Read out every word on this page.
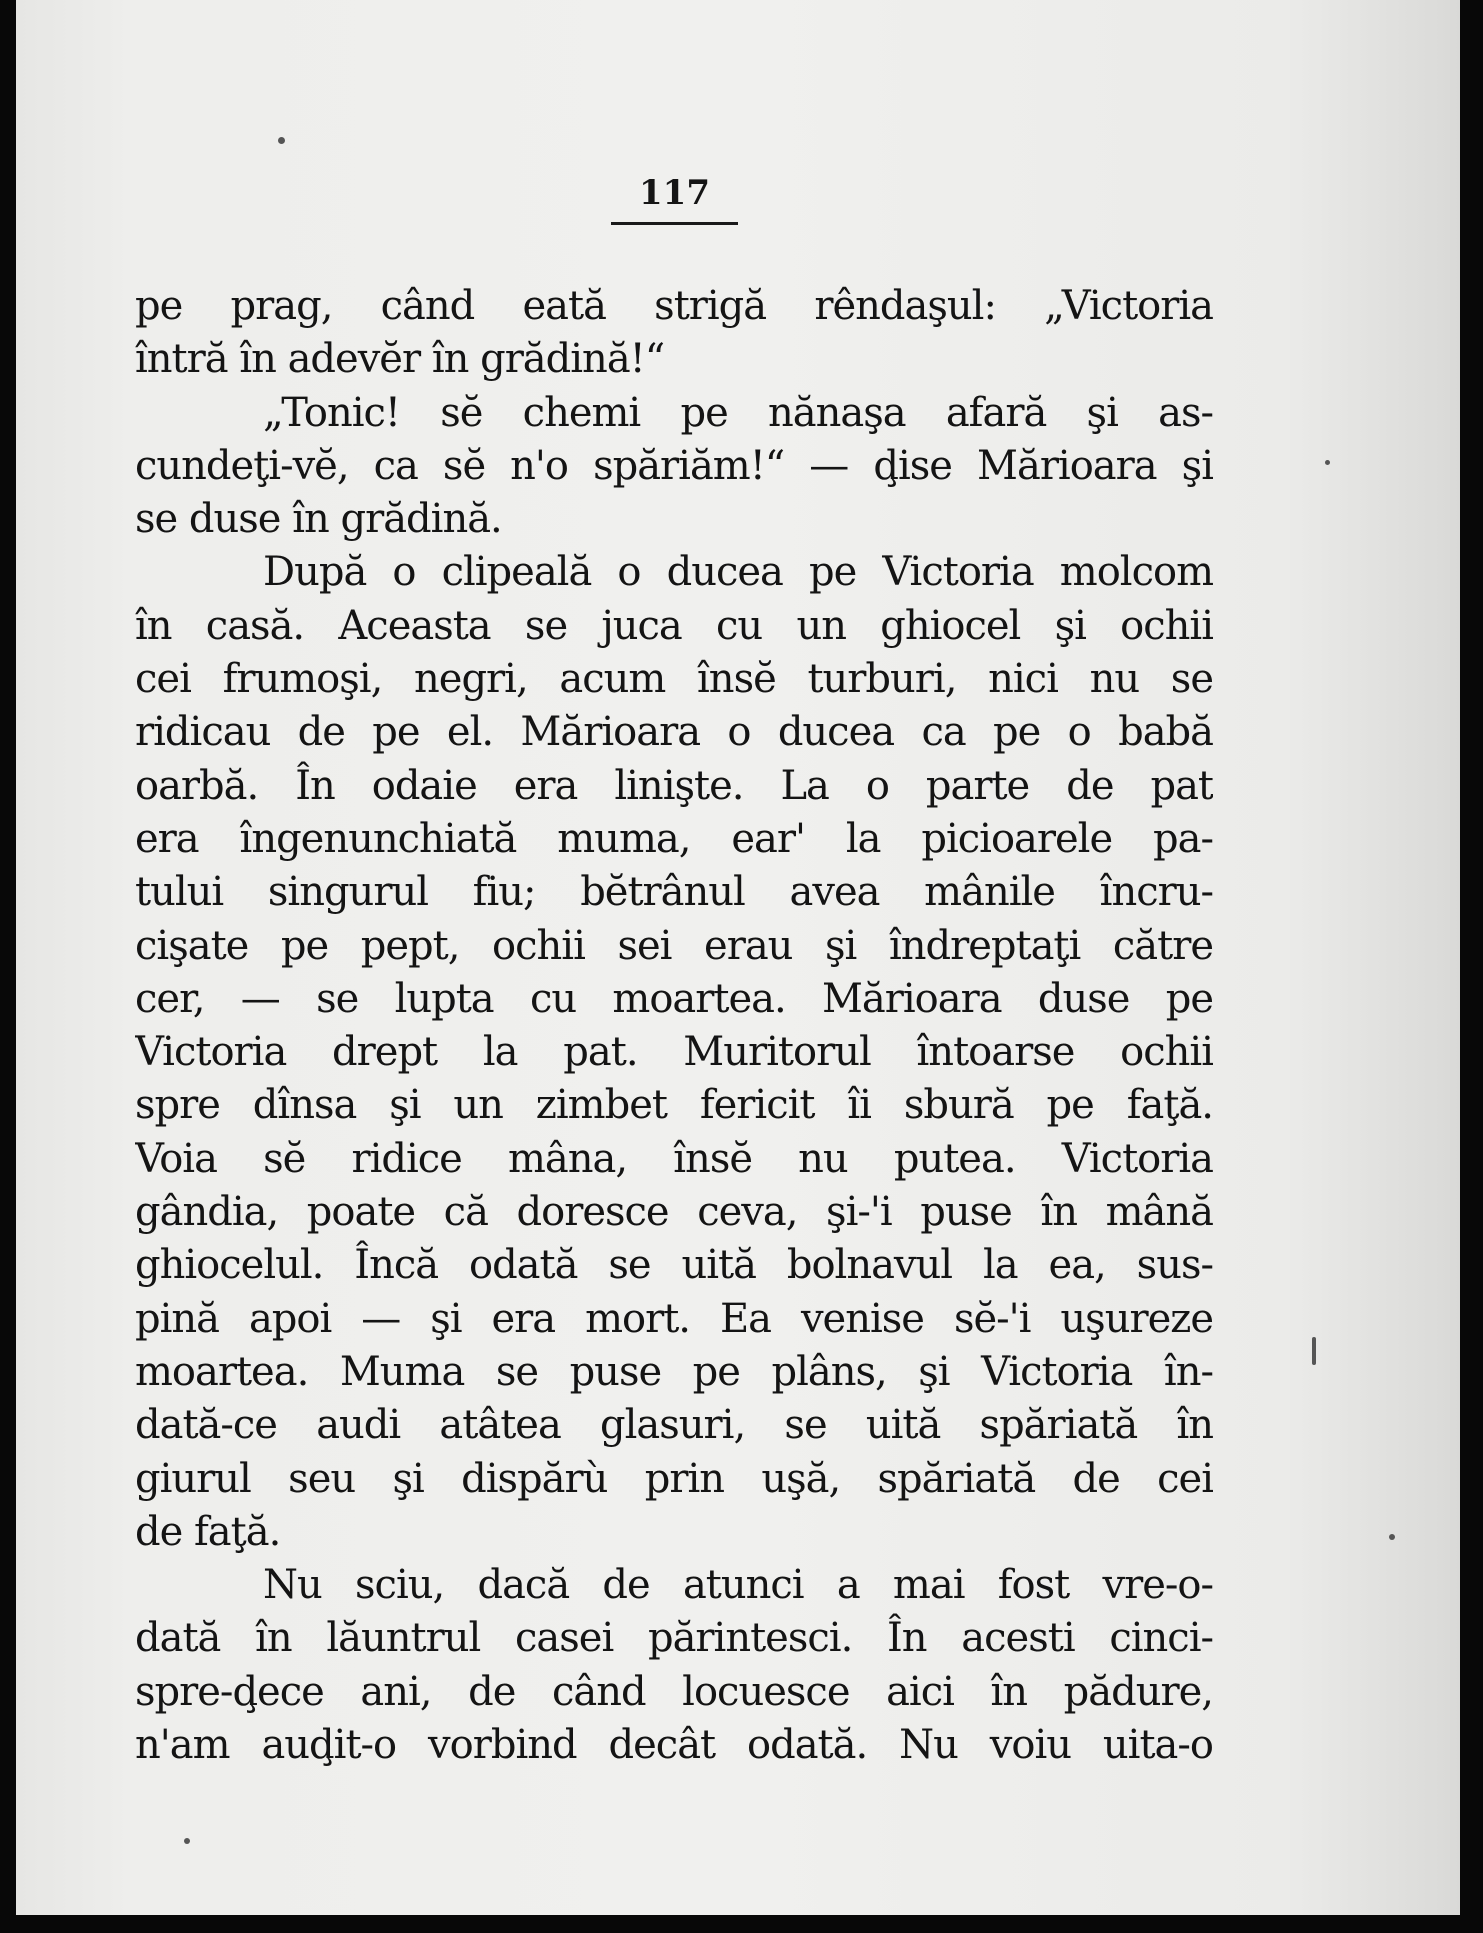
117
pe prag, când eată strigă rêndaşul: „Victoria
întră în adevĕr în grădină!“
„Tonic! sĕ chemi pe nănaşa afară şi as-
cundeţi-vĕ, ca sĕ n'o spăriăm!“ — ḑise Mărioara şi
se duse în grădină.
După o clipeală o ducea pe Victoria molcom
în casă. Aceasta se juca cu un ghiocel şi ochii
cei frumoşi, negri, acum însĕ turburi, nici nu se
ridicau de pe el. Mărioara o ducea ca pe o babă
oarbă. În odaie era linişte. La o parte de pat
era îngenunchiată muma, ear' la picioarele pa-
tului singurul fiu; bĕtrânul avea mânile încru-
cişate pe pept, ochii sei erau şi îndreptaţi către
cer, — se lupta cu moartea. Mărioara duse pe
Victoria drept la pat. Muritorul întoarse ochii
spre dînsa şi un zimbet fericit îi sbură pe faţă.
Voia sĕ ridice mâna, însĕ nu putea. Victoria
gândia, poate că doresce ceva, şi-'i puse în mână
ghiocelul. Încă odată se uită bolnavul la ea, sus-
pină apoi — şi era mort. Ea venise sĕ-'i uşureze
moartea. Muma se puse pe plâns, şi Victoria în-
dată-ce audi atâtea glasuri, se uită spăriată în
giurul seu şi dispărù prin uşă, spăriată de cei
de faţă.
Nu sciu, dacă de atunci a mai fost vre-o-
dată în lăuntrul casei părintesci. În acesti cinci-
spre-ḑece ani, de când locuesce aici în pădure,
n'am auḑit-o vorbind decât odată. Nu voiu uita-o
